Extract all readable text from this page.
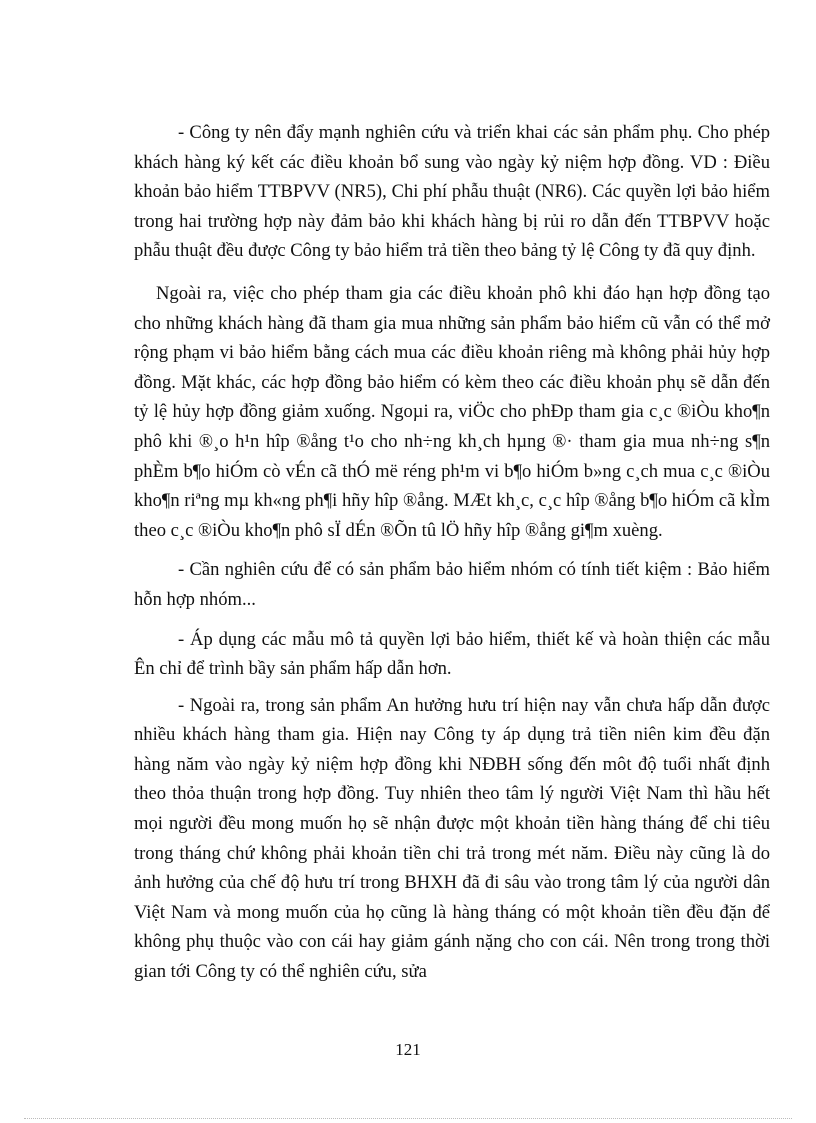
- Công ty nên đẩy mạnh nghiên cứu và triển khai các sản phẩm phụ. Cho phép khách hàng ký kết các điều khoản bổ sung vào ngày kỷ niệm hợp đồng. VD : Điều khoản bảo hiểm TTBPVV (NR5), Chi phí phẫu thuật (NR6). Các quyền lợi bảo hiểm trong hai trường hợp này đảm bảo khi khách hàng bị rủi ro dẫn đến TTBPVV hoặc phẫu thuật đều được Công ty bảo hiểm trả tiền theo bảng tỷ lệ Công ty đã quy định.

Ngoài ra, việc cho phép tham gia các điều khoản phô khi đáo hạn hợp đồng tạo cho những khách hàng đã tham gia mua những sản phẩm bảo hiểm cũ vẫn có thể mở rộng phạm vi bảo hiểm bằng cách mua các điều khoản riêng mà không phải hủy hợp đồng. Mặt khác, các hợp đồng bảo hiểm có kèm theo các điều khoản phụ sẽ dẫn đến tỷ lệ hủy hợp đồng giảm xuống. Ngoµi ra, viÖc cho phÐp tham gia c¸c ®iÒu kho¶n phô khi ®¸o h¹n hîp ®ång t¹o cho nh÷ng kh¸ch hµng ®· tham gia mua nh÷ng s¶n phÈm b¶o hiÓm cò vÉn cã thÓ më réng ph¹m vi b¶o hiÓm b»ng c¸ch mua c¸c ®iÒu kho¶n riªng mµ kh«ng ph¶i hñy hîp ®ång. MÆt kh¸c, c¸c hîp ®ång b¶o hiÓm cã kÌm theo c¸c ®iÒu kho¶n phô sÏ dÉn ®Õn tû lÖ hñy hîp ®ång gi¶m xuèng.

- Cần nghiên cứu để có sản phẩm bảo hiểm nhóm có tính tiết kiệm : Bảo hiểm hỗn hợp nhóm...

- Áp dụng các mẫu mô tả quyền lợi bảo hiểm, thiết kế và hoàn thiện các mẫu Ên chỉ để trình bầy sản phẩm hấp dẫn hơn.

- Ngoài ra, trong sản phẩm An hưởng hưu trí hiện nay vẫn chưa hấp dẫn được nhiều khách hàng tham gia. Hiện nay Công ty áp dụng trả tiền niên kim đều đặn hàng năm vào ngày kỷ niệm hợp đồng khi NĐBH sống đến môt độ tuổi nhất định theo thỏa thuận trong hợp đồng. Tuy nhiên theo tâm lý người Việt Nam thì hầu hết mọi người đều mong muốn họ sẽ nhận được một khoản tiền hàng tháng để chi tiêu trong tháng chứ không phải khoản tiền chi trả trong mét năm. Điều này cũng là do ảnh hưởng của chế độ hưu trí trong BHXH đã đi sâu vào trong tâm lý của người dân Việt Nam và mong muốn của họ cũng là hàng tháng có một khoản tiền đều đặn để không phụ thuộc vào con cái hay giảm gánh nặng cho con cái. Nên trong trong thời gian tới Công ty có thể nghiên cứu, sửa

121
